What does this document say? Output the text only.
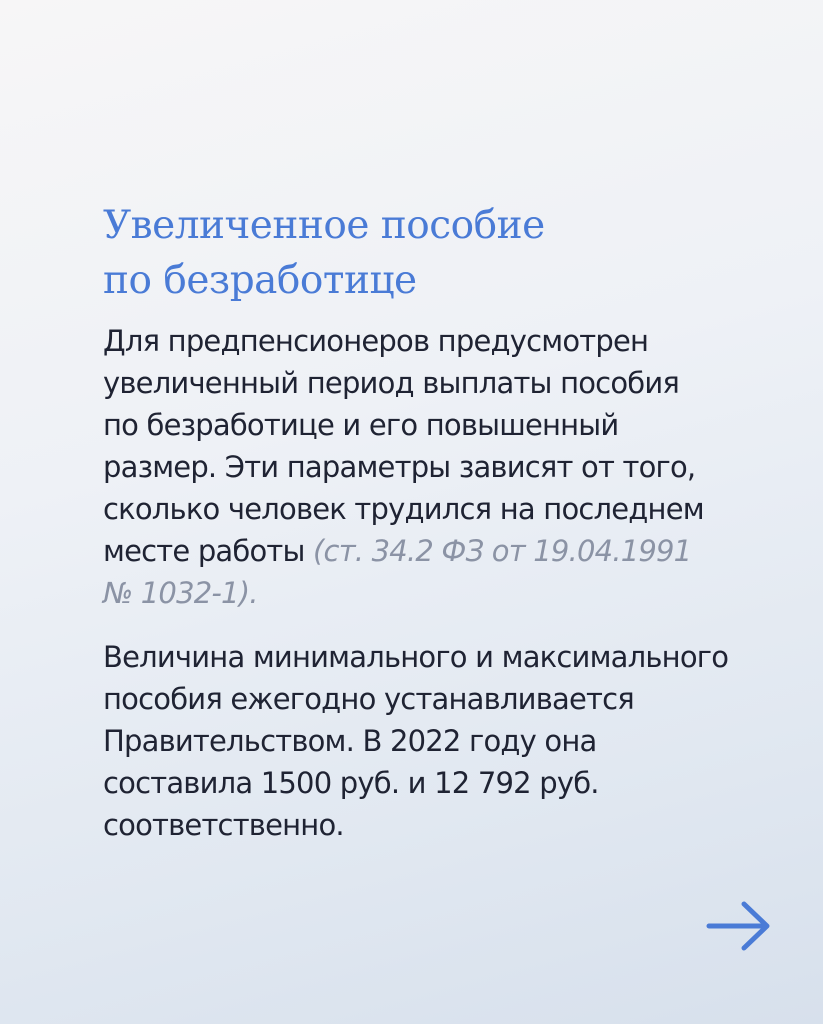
Увеличенное пособие
по безработице

Для предпенсионеров предусмотрен
увеличенный период выплаты пособия
по безработице и его повышенный
размер. Эти параметры зависят от того,
сколько человек трудился на последнем
месте работы (ст. 34.2 ФЗ от 19.04.1991
№ 1032-1).

Величина минимального и максимального
пособия ежегодно устанавливается
Правительством. В 2022 году она
составила 1500 руб. и 12 792 руб.
соответственно.
